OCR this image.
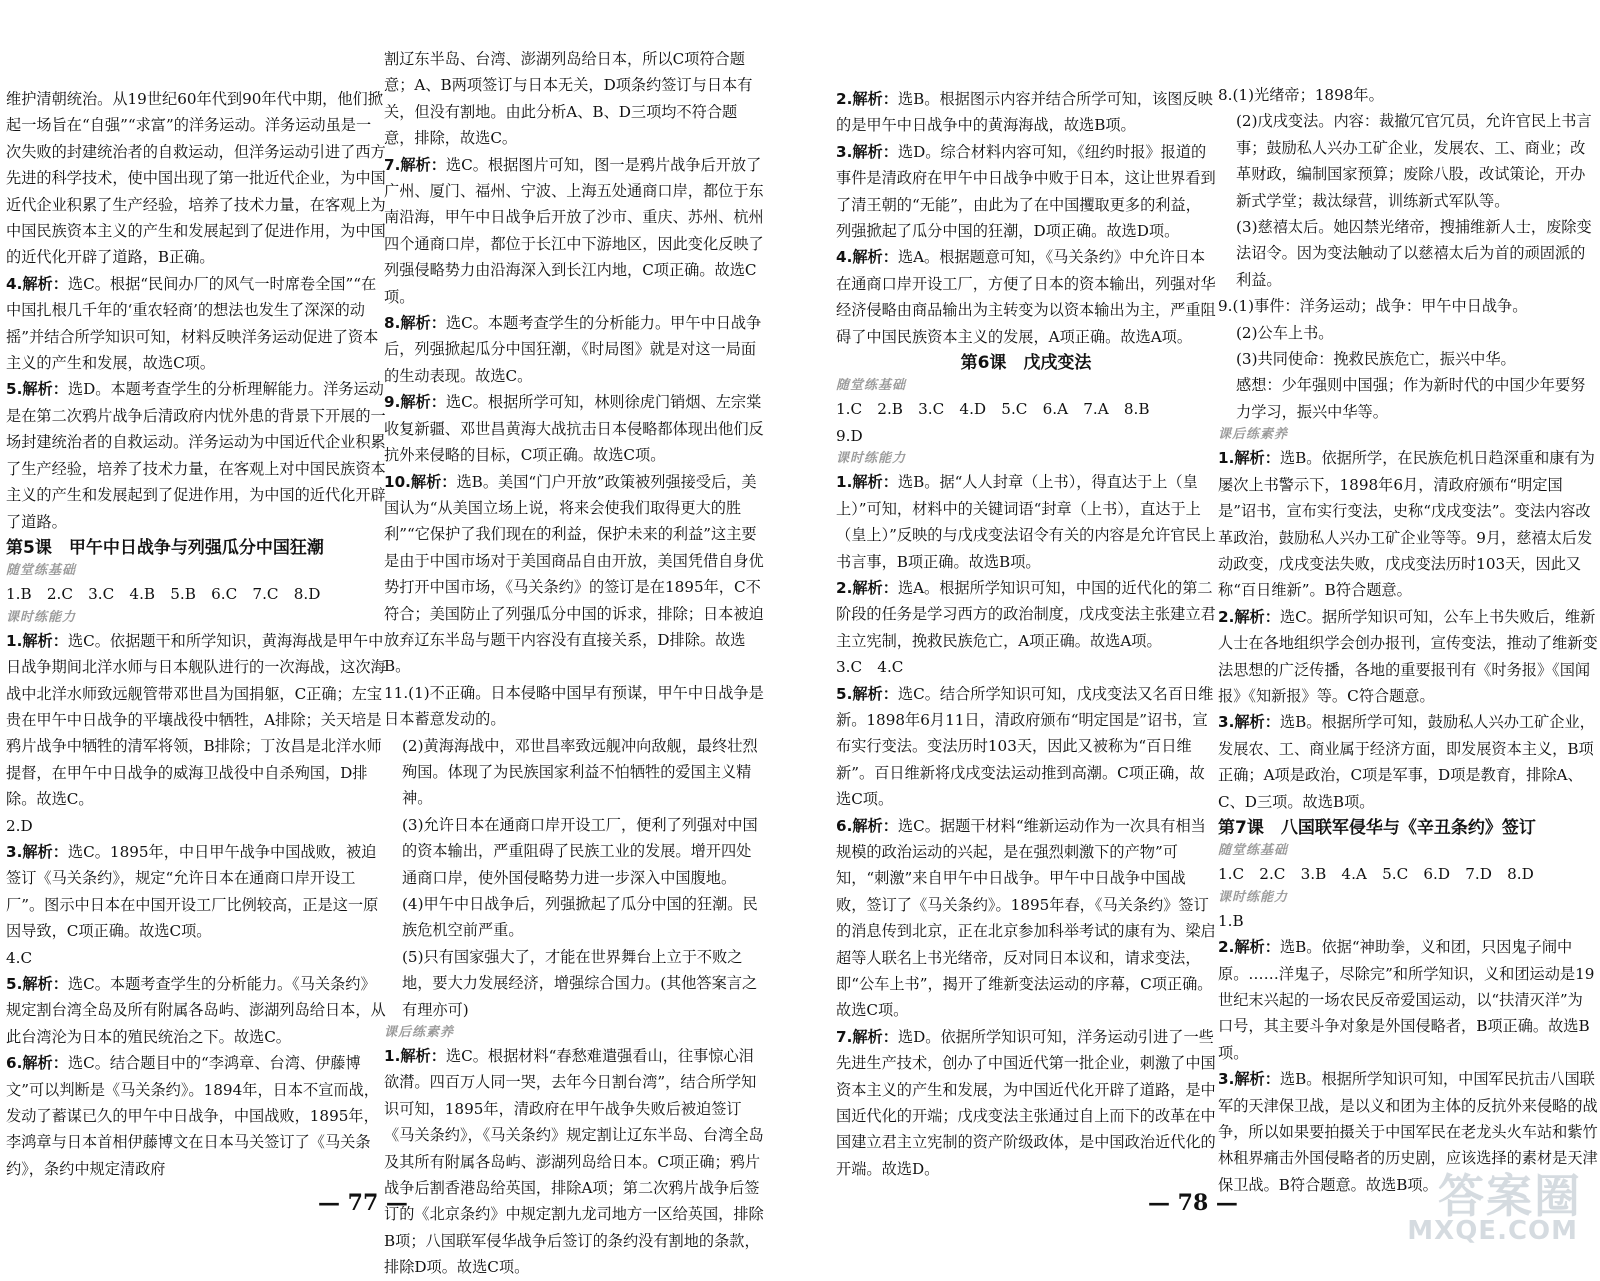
维护清朝统治。从19世纪60年代到90年代中期，他们掀起一场旨在“自强”“求富”的洋务运动。洋务运动虽是一次失败的封建统治者的自救运动，但洋务运动引进了西方先进的科学技术，使中国出现了第一批近代企业，为中国近代企业积累了生产经验，培养了技术力量，在客观上为中国民族资本主义的产生和发展起到了促进作用，为中国的近代化开辟了道路，B正确。

4.解析：选C。根据“民间办厂的风气一时席卷全国”“在中国扎根几千年的‘重农轻商’的想法也发生了深深的动摇”并结合所学知识可知，材料反映洋务运动促进了资本主义的产生和发展，故选C项。

5.解析：选D。本题考查学生的分析理解能力。洋务运动是在第二次鸦片战争后清政府内忧外患的背景下开展的一场封建统治者的自救运动。洋务运动为中国近代企业积累了生产经验，培养了技术力量，在客观上对中国民族资本主义的产生和发展起到了促进作用，为中国的近代化开辟了道路。

第5课　甲午中日战争与列强瓜分中国狂潮

随堂练基础

1.B　2.C　3.C　4.B　5.B　6.C　7.C　8.D

课时练能力

1.解析：选C。依据题干和所学知识，黄海海战是甲午中日战争期间北洋水师与日本舰队进行的一次海战，这次海战中北洋水师致远舰管带邓世昌为国捐躯，C正确；左宝贵在甲午中日战争的平壤战役中牺牲，A排除；关天培是鸦片战争中牺牲的清军将领，B排除；丁汝昌是北洋水师提督，在甲午中日战争的威海卫战役中自杀殉国，D排除。故选C。

2.D

3.解析：选C。1895年，中日甲午战争中国战败，被迫签订《马关条约》，规定“允许日本在通商口岸开设工厂”。图示中日本在中国开设工厂比例较高，正是这一原因导致，C项正确。故选C项。

4.C

5.解析：选C。本题考查学生的分析能力。《马关条约》规定割台湾全岛及所有附属各岛屿、澎湖列岛给日本，从此台湾沦为日本的殖民统治之下。故选C。

6.解析：选C。结合题目中的“李鸿章、台湾、伊藤博文”可以判断是《马关条约》。1894年，日本不宣而战，发动了蓄谋已久的甲午中日战争，中国战败，1895年，李鸿章与日本首相伊藤博文在日本马关签订了《马关条约》，条约中规定清政府

割辽东半岛、台湾、澎湖列岛给日本，所以C项符合题意；A、B两项签订与日本无关，D项条约签订与日本有关，但没有割地。由此分析A、B、D三项均不符合题意，排除，故选C。

7.解析：选C。根据图片可知，图一是鸦片战争后开放了广州、厦门、福州、宁波、上海五处通商口岸，都位于东南沿海，甲午中日战争后开放了沙市、重庆、苏州、杭州四个通商口岸，都位于长江中下游地区，因此变化反映了列强侵略势力由沿海深入到长江内地，C项正确。故选C项。

8.解析：选C。本题考查学生的分析能力。甲午中日战争后，列强掀起瓜分中国狂潮，《时局图》就是对这一局面的生动表现。故选C。

9.解析：选C。根据所学可知，林则徐虎门销烟、左宗棠收复新疆、邓世昌黄海大战抗击日本侵略都体现出他们反抗外来侵略的目标，C项正确。故选C项。

10.解析：选B。美国“门户开放”政策被列强接受后，美国认为“从美国立场上说，将来会使我们取得更大的胜利”“它保护了我们现在的利益，保护未来的利益”这主要是由于中国市场对于美国商品自由开放，美国凭借自身优势打开中国市场，《马关条约》的签订是在1895年，C不符合；美国防止了列强瓜分中国的诉求，排除；日本被迫放弃辽东半岛与题干内容没有直接关系，D排除。故选B。

11.(1)不正确。日本侵略中国早有预谋，甲午中日战争是日本蓄意发动的。

(2)黄海海战中，邓世昌率致远舰冲向敌舰，最终壮烈殉国。体现了为民族国家利益不怕牺牲的爱国主义精神。

(3)允许日本在通商口岸开设工厂，便利了列强对中国的资本输出，严重阻碍了民族工业的发展。增开四处通商口岸，使外国侵略势力进一步深入中国腹地。

(4)甲午中日战争后，列强掀起了瓜分中国的狂潮。民族危机空前严重。

(5)只有国家强大了，才能在世界舞台上立于不败之地，要大力发展经济，增强综合国力。(其他答案言之有理亦可)

课后练素养

1.解析：选C。根据材料“春愁难遣强看山，往事惊心泪欲潸。四百万人同一哭，去年今日割台湾”，结合所学知识可知，1895年，清政府在甲午战争失败后被迫签订《马关条约》，《马关条约》规定割让辽东半岛、台湾全岛及其所有附属各岛屿、澎湖列岛给日本。C项正确；鸦片战争后割香港岛给英国，排除A项；第二次鸦片战争后签订的《北京条约》中规定割九龙司地方一区给英国，排除B项；八国联军侵华战争后签订的条约没有割地的条款，排除D项。故选C项。

2.解析：选B。根据图示内容并结合所学可知，该图反映的是甲午中日战争中的黄海海战，故选B项。

3.解析：选D。综合材料内容可知，《纽约时报》报道的事件是清政府在甲午中日战争中败于日本，这让世界看到了清王朝的“无能”，由此为了在中国攫取更多的利益，列强掀起了瓜分中国的狂潮，D项正确。故选D项。

4.解析：选A。根据题意可知，《马关条约》中允许日本在通商口岸开设工厂，方便了日本的资本输出，列强对华经济侵略由商品输出为主转变为以资本输出为主，严重阻碍了中国民族资本主义的发展，A项正确。故选A项。

第6课　戊戌变法

随堂练基础

1.C　2.B　3.C　4.D　5.C　6.A　7.A　8.B

9.D

课时练能力

1.解析：选B。据“人人封章（上书），得直达于上（皇上）”可知，材料中的关键词语“封章（上书），直达于上（皇上）”反映的与戊戌变法诏令有关的内容是允许官民上书言事，B项正确。故选B项。

2.解析：选A。根据所学知识可知，中国的近代化的第二阶段的任务是学习西方的政治制度，戊戌变法主张建立君主立宪制，挽救民族危亡，A项正确。故选A项。

3.C　4.C

5.解析：选C。结合所学知识可知，戊戌变法又名百日维新。1898年6月11日，清政府颁布“明定国是”诏书，宣布实行变法。变法历时103天，因此又被称为“百日维新”。百日维新将戊戌变法运动推到高潮。C项正确，故选C项。

6.解析：选C。据题干材料“维新运动作为一次具有相当规模的政治运动的兴起，是在强烈刺激下的产物”可知，“刺激”来自甲午中日战争。甲午中日战争中国战败，签订了《马关条约》。1895年春，《马关条约》签订的消息传到北京，正在北京参加科举考试的康有为、梁启超等人联名上书光绪帝，反对同日本议和，请求变法，即“公车上书”，揭开了维新变法运动的序幕，C项正确。故选C项。

7.解析：选D。依据所学知识可知，洋务运动引进了一些先进生产技术，创办了中国近代第一批企业，刺激了中国资本主义的产生和发展，为中国近代化开辟了道路，是中国近代化的开端；戊戌变法主张通过自上而下的改革在中国建立君主立宪制的资产阶级政体，是中国政治近代化的开端。故选D。

8.(1)光绪帝；1898年。

(2)戊戌变法。内容：裁撤冗官冗员，允许官民上书言事；鼓励私人兴办工矿企业，发展农、工、商业；改革财政，编制国家预算；废除八股，改试策论，开办新式学堂；裁汰绿营，训练新式军队等。

(3)慈禧太后。她囚禁光绪帝，搜捕维新人士，废除变法诏令。因为变法触动了以慈禧太后为首的顽固派的利益。

9.(1)事件：洋务运动；战争：甲午中日战争。

(2)公车上书。

(3)共同使命：挽救民族危亡，振兴中华。

感想：少年强则中国强；作为新时代的中国少年要努力学习，振兴中华等。

课后练素养

1.解析：选B。依据所学，在民族危机日趋深重和康有为屡次上书警示下，1898年6月，清政府颁布“明定国是”诏书，宣布实行变法，史称“戊戌变法”。变法内容改革政治，鼓励私人兴办工矿企业等等。9月，慈禧太后发动政变，戊戌变法失败，戊戌变法历时103天，因此又称“百日维新”。B符合题意。

2.解析：选C。据所学知识可知，公车上书失败后，维新人士在各地组织学会创办报刊，宣传变法，推动了维新变法思想的广泛传播，各地的重要报刊有《时务报》《国闻报》《知新报》等。C符合题意。

3.解析：选B。根据所学可知，鼓励私人兴办工矿企业，发展农、工、商业属于经济方面，即发展资本主义，B项正确；A项是政治，C项是军事，D项是教育，排除A、C、D三项。故选B项。

第7课　八国联军侵华与《辛丑条约》签订

随堂练基础

1.C　2.C　3.B　4.A　5.C　6.D　7.D　8.D

课时练能力

1.B

2.解析：选B。依据“神助拳，义和团，只因鬼子闹中原。……洋鬼子，尽除完”和所学知识，义和团运动是19世纪末兴起的一场农民反帝爱国运动，以“扶清灭洋”为口号，其主要斗争对象是外国侵略者，B项正确。故选B项。

3.解析：选B。根据所学知识可知，中国军民抗击八国联军的天津保卫战，是以义和团为主体的反抗外来侵略的战争，所以如果要拍摄关于中国军民在老龙头火车站和紫竹林租界痛击外国侵略者的历史剧，应该选择的素材是天津保卫战。B符合题意。故选B项。

— 77 —	— 78 —	答案圈
MXQE.COM
